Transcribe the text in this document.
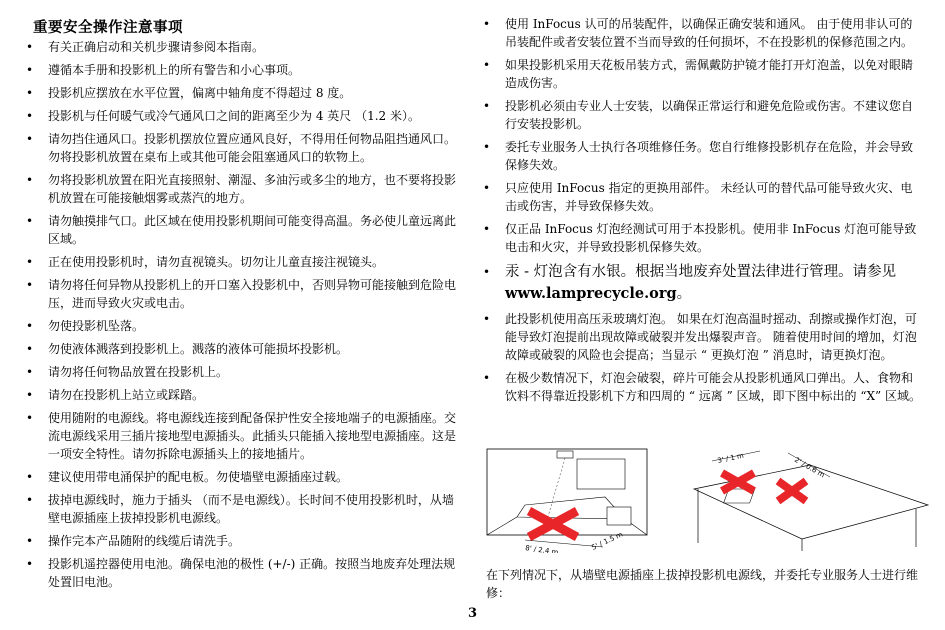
重要安全操作注意事项
• 有关正确启动和关机步骤请参阅本指南。
• 遵循本手册和投影机上的所有警告和小心事项。
• 投影机应摆放在水平位置，偏离中轴角度不得超过 8 度。
• 投影机与任何暖气或冷气通风口之间的距离至少为 4 英尺 （1.2 米）。
• 请勿挡住通风口。投影机摆放位置应通风良好，不得用任何物品阻挡通风口。勿将投影机放置在桌布上或其他可能会阻塞通风口的软物上。
• 勿将投影机放置在阳光直接照射、潮湿、多油污或多尘的地方，也不要将投影机放置在可能接触烟雾或蒸汽的地方。
• 请勿触摸排气口。此区域在使用投影机期间可能变得高温。务必使儿童远离此区域。
• 正在使用投影机时，请勿直视镜头。切勿让儿童直接注视镜头。
• 请勿将任何异物从投影机上的开口塞入投影机中，否则异物可能接触到危险电压，进而导致火灾或电击。
• 勿使投影机坠落。
• 勿使液体溅落到投影机上。溅落的液体可能损坏投影机。
• 请勿将任何物品放置在投影机上。
• 请勿在投影机上站立或踩踏。
• 使用随附的电源线。将电源线连接到配备保护性安全接地端子的电源插座。交流电源线采用三插片接地型电源插头。此插头只能插入接地型电源插座。这是一项安全特性。请勿拆除电源插头上的接地插片。
• 建议使用带电涌保护的配电板。勿使墙壁电源插座过载。
• 拔掉电源线时，施力于插头 （而不是电源线）。长时间不使用投影机时，从墙壁电源插座上拔掉投影机电源线。
• 操作完本产品随附的线缆后请洗手。
• 投影机遥控器使用电池。确保电池的极性 (+/-) 正确。按照当地废弃处理法规处置旧电池。
• 使用 InFocus 认可的吊装配件，以确保正确安装和通风。 由于使用非认可的吊装配件或者安装位置不当而导致的任何损坏，不在投影机的保修范围之内。
• 如果投影机采用天花板吊装方式，需佩戴防护镜才能打开灯泡盖，以免对眼睛造成伤害。
• 投影机必须由专业人士安装，以确保正常运行和避免危险或伤害。不建议您自行安装投影机。
• 委托专业服务人士执行各项维修任务。您自行维修投影机存在危险，并会导致保修失效。
• 只应使用 InFocus 指定的更换用部件。 未经认可的替代品可能导致火灾、电击或伤害，并导致保修失效。
• 仅正品 InFocus 灯泡经测试可用于本投影机。使用非 InFocus 灯泡可能导致电击和火灾，并导致投影机保修失效。
• 汞 - 灯泡含有水银。根据当地废弃处置法律进行管理。请参见
www.lamprecycle.org。
• 此投影机使用高压汞玻璃灯泡。 如果在灯泡高温时摇动、刮擦或操作灯泡，可能导致灯泡提前出现故障或破裂并发出爆裂声音。 随着使用时间的增加，灯泡故障或破裂的风险也会提高；当显示 “ 更换灯泡 ” 消息时，请更换灯泡。
• 在极少数情况下，灯泡会破裂，碎片可能会从投影机通风口弹出。人、食物和饮料不得靠近投影机下方和四周的 “ 远离 ” 区域，即下图中标出的 “X” 区域。
8' / 2.4 m	5' / 1.5 m
3' / 1 m	2' / 0.6 m
在下列情况下，从墙壁电源插座上拔掉投影机电源线，并委托专业服务人士进行维修：
3
